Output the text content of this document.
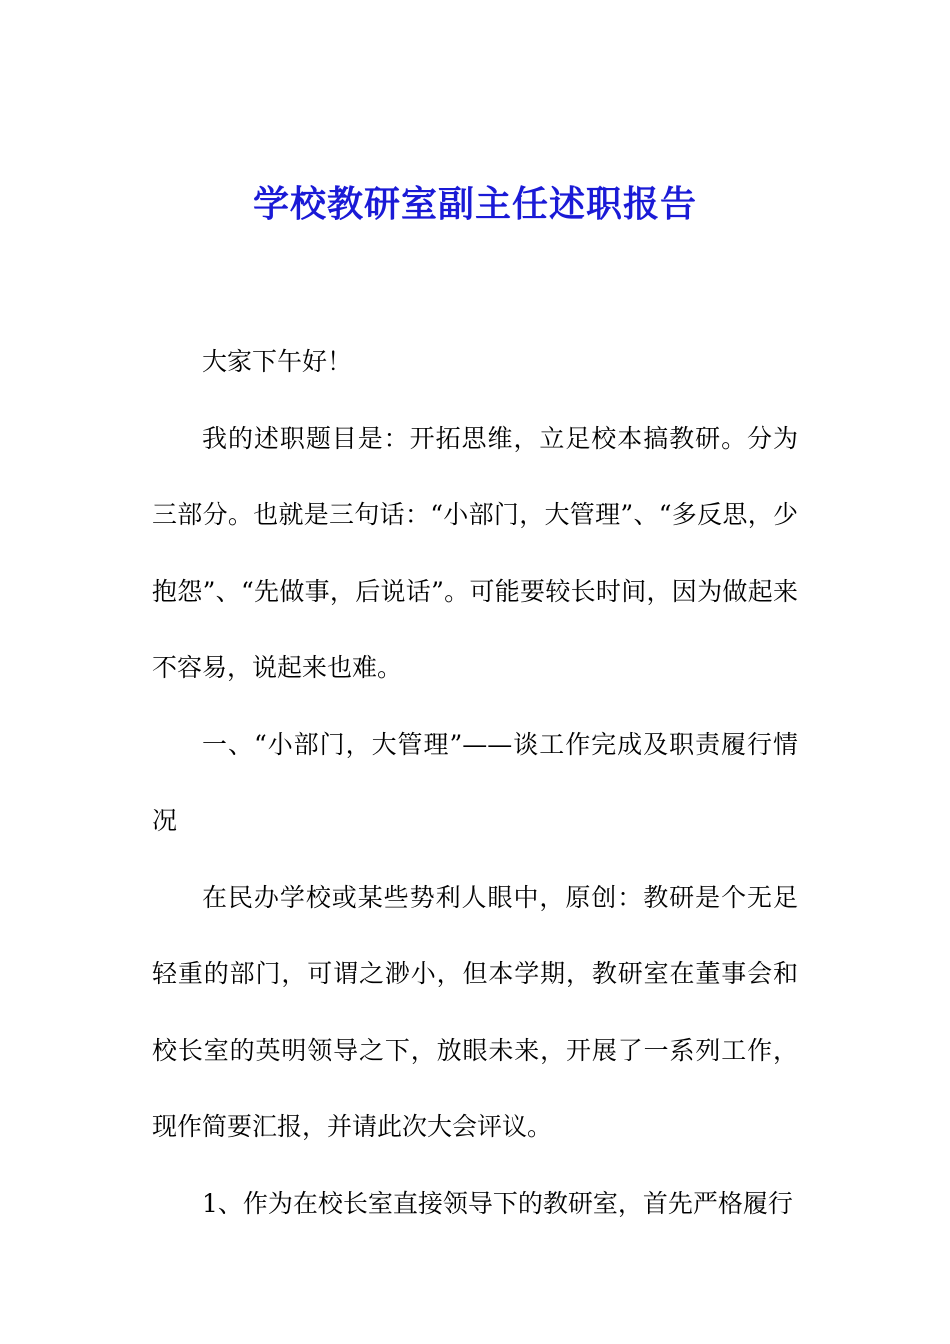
学校教研室副主任述职报告

大家下午好！

我的述职题目是：开拓思维，立足校本搞教研。分为三部分。也就是三句话：“小部门，大管理”、“多反思，少抱怨”、“先做事，后说话”。可能要较长时间，因为做起来不容易，说起来也难。

一、“小部门，大管理”——谈工作完成及职责履行情况

在民办学校或某些势利人眼中，原创：教研是个无足轻重的部门，可谓之渺小，但本学期，教研室在董事会和校长室的英明领导之下，放眼未来，开展了一系列工作，现作简要汇报，并请此次大会评议。

1、作为在校长室直接领导下的教研室，首先严格履行
